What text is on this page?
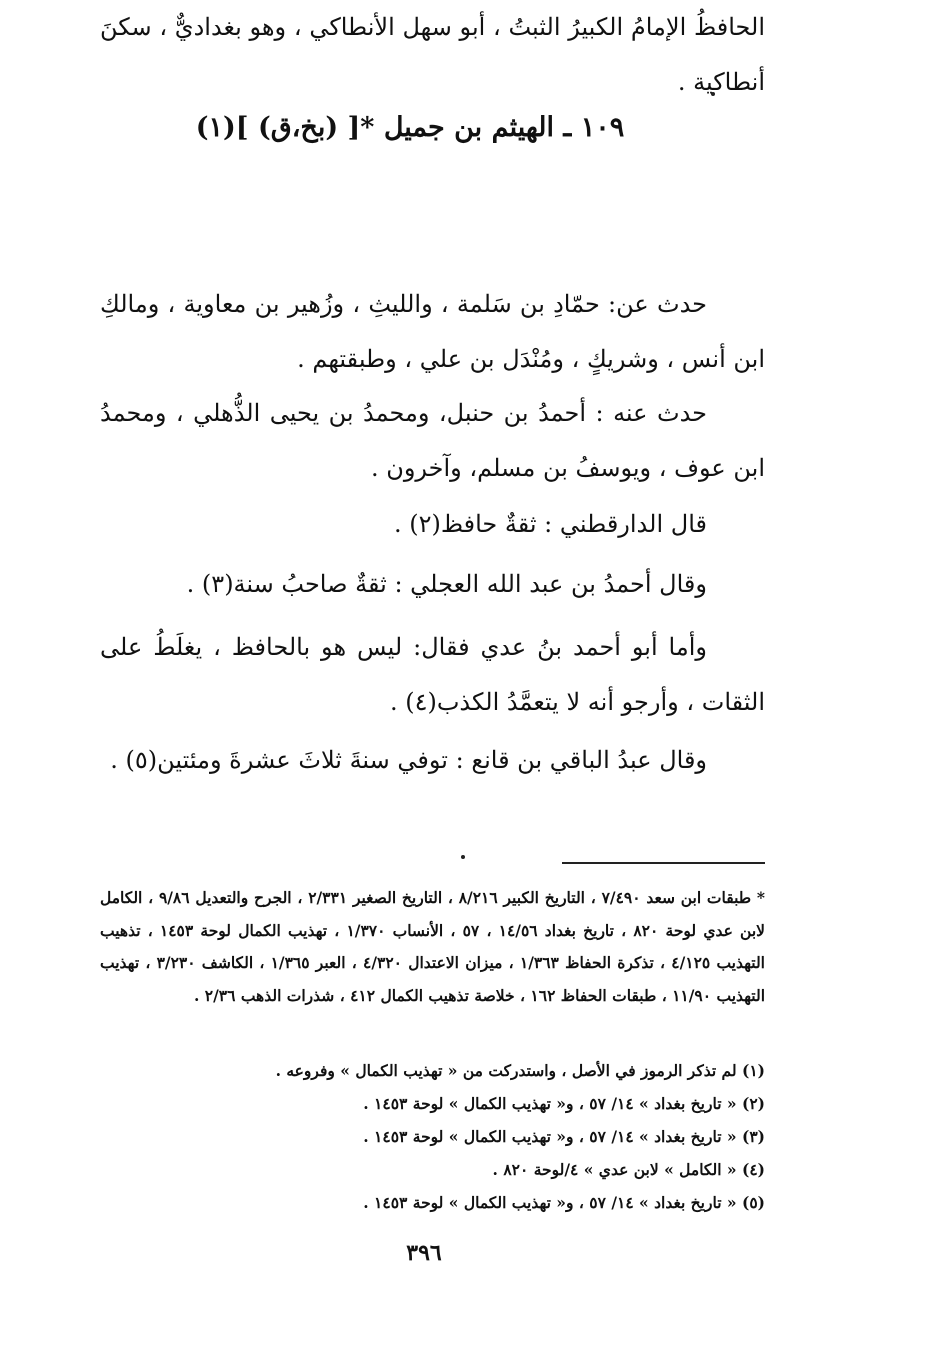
١٠٩ ـ الهيثم بن جميل *[ (بخ،ق) ](١)

الحافظُ الإمامُ الكبيرُ الثبتُ ، أبو سهل الأنطاكي ، وهو بغداديٌّ ، سكنَ أنطاكية .

حدث عن: حمّادِ بن سَلمة ، والليثِ ، وزُهير بن معاوية ، ومالكِ ابن أنس ، وشريكٍ ، ومُنْدَل بن علي ، وطبقتهم .

حدث عنه : أحمدُ بن حنبل، ومحمدُ بن يحيى الذُّهلي ، ومحمدُ ابن عوف ، ويوسفُ بن مسلم، وآخرون .

قال الدارقطني : ثقةٌ حافظ(٢) .

وقال أحمدُ بن عبد الله العجلي : ثقةٌ صاحبُ سنة(٣) .

وأما أبو أحمد بنُ عدي فقال: ليس هو بالحافظ ، يغلَطُ على الثقات ، وأرجو أنه لا يتعمَّدُ الكذب(٤) .

وقال عبدُ الباقي بن قانع : توفي سنةَ ثلاثَ عشرةَ ومئتين(٥) .

* طبقات ابن سعد ٧/٤٩٠ ، التاريخ الكبير ٨/٢١٦ ، التاريخ الصغير ٢/٣٣١ ، الجرح والتعديل ٩/٨٦ ، الكامل لابن عدي لوحة ٨٢٠ ، تاريخ بغداد ١٤/٥٦ ، ٥٧ ، الأنساب ١/٣٧٠ ، تهذيب الكمال لوحة ١٤٥٣ ، تذهيب التهذيب ٤/١٢٥ ، تذكرة الحفاظ ١/٣٦٣ ، ميزان الاعتدال ٤/٣٢٠ ، العبر ١/٣٦٥ ، الكاشف ٣/٢٣٠ ، تهذيب التهذيب ١١/٩٠ ، طبقات الحفاظ ١٦٢ ، خلاصة تذهيب الكمال ٤١٢ ، شذرات الذهب ٢/٣٦ .

(١) لم تذكر الرموز في الأصل ، واستدركت من « تهذيب الكمال » وفروعه .
(٢) « تاريخ بغداد » ١٤/ ٥٧ ، و« تهذيب الكمال » لوحة ١٤٥٣ .
(٣) « تاريخ بغداد » ١٤/ ٥٧ ، و« تهذيب الكمال » لوحة ١٤٥٣ .
(٤) « الكامل » لابن عدي » ٤/لوحة ٨٢٠ .
(٥) « تاريخ بغداد » ١٤/ ٥٧ ، و« تهذيب الكمال » لوحة ١٤٥٣ .
٣٩٦
